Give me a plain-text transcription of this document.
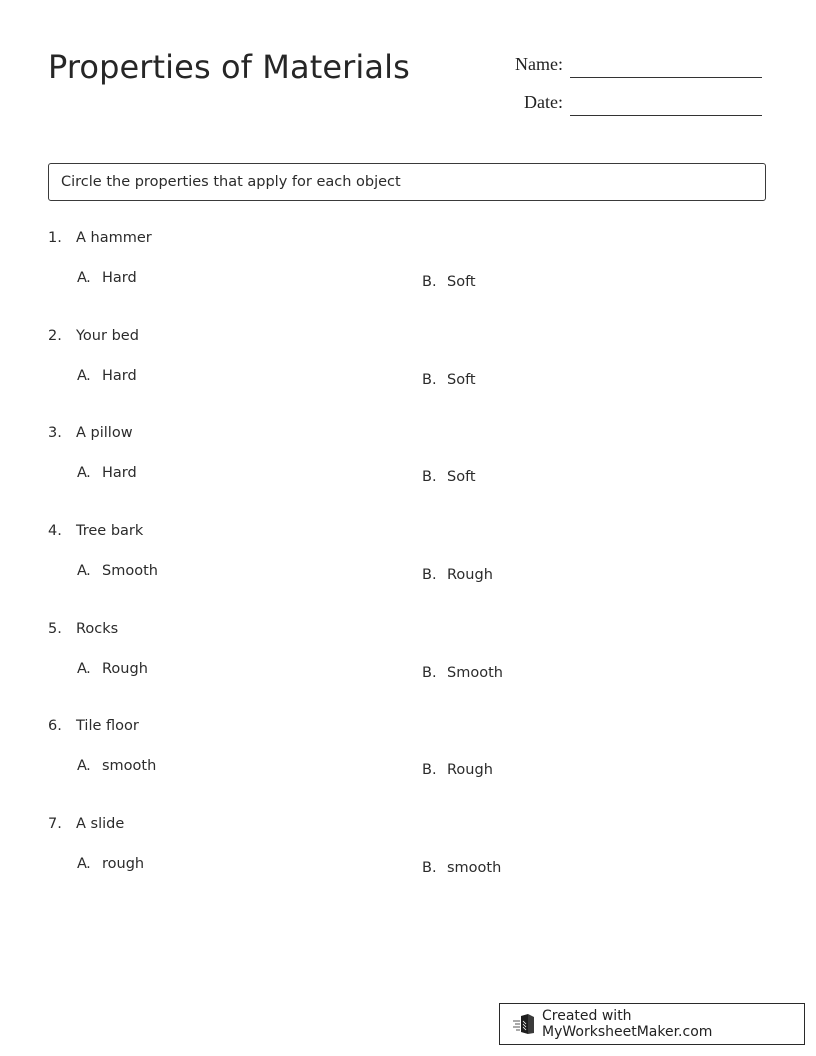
Properties of Materials	Name:
Date:
Circle the properties that apply for each object
1. A hammer
A. Hard	B. Soft
2. Your bed
A. Hard	B. Soft
3. A pillow
A. Hard	B. Soft
4. Tree bark
A. Smooth	B. Rough
5. Rocks
A. Rough	B. Smooth
6. Tile floor
A. smooth	B. Rough
7. A slide
A. rough	B. smooth
Created with MyWorksheetMaker.com
